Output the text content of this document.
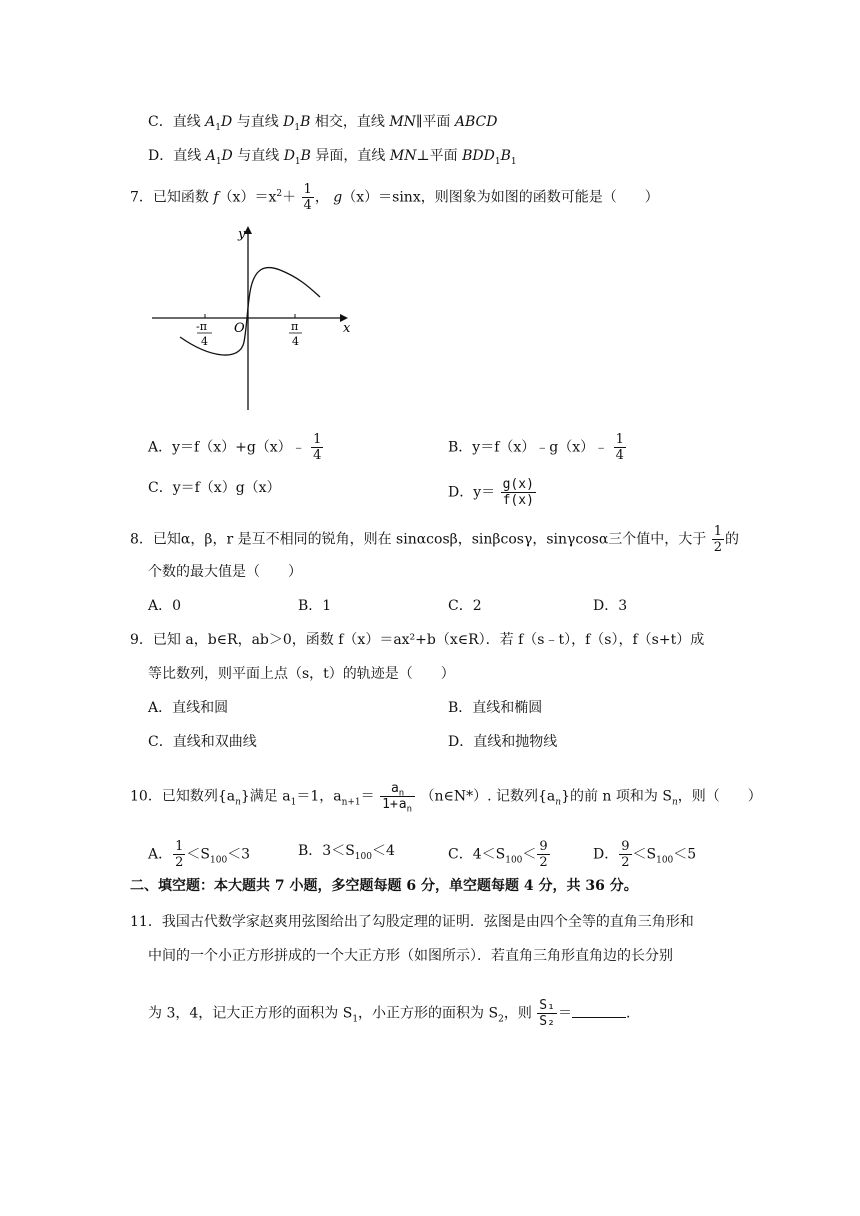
C．直线 $A_1D$ 与直线 $D_1B$ 相交，直线 MN∥平面 ABCD
D．直线 $A_1D$ 与直线 $D_1B$ 异面，直线 MN⊥平面 $BDD_1B_1$
7．已知函数 $f(x)=x^2+ \frac{1}{4}$ ， g（x）＝sinx，则图象为如图的函数可能是（　　）
y
x
O
-π
4
π
4
A．y＝f（x）+g（x）﹣ $\frac{1}{4}$	B．y＝f（x）﹣g（x）﹣ $\frac{1}{4}$
C．y＝f（x）g（x）	D．$y= \frac{g(x)}{f(x)}$
8．已知α，β，r 是互不相同的锐角，则在 sinαcosβ，sinβcosγ，sinγcosα三个值中，大于 $\frac{1}{2}$ 的
个数的最大值是（　　）
A．0	B．1	C．2	D．3
9．已知 a，b∈R，ab＞0，函数 f（x）＝ax²+b（x∈R）．若 f（s﹣t），f（s），f（s+t）成
等比数列，则平面上点（s，t）的轨迹是（　　）
A．直线和圆	B．直线和椭圆
C．直线和双曲线	D．直线和抛物线
10．已知数列$\{a_n\}$满足 $a_1=1$，$a_{n+1}= \frac{a_n}{1+a_n}$ （n∈N*）. 记数列$\{a_n\}$的前 n 项和为 $S_n$，则（　　）
A． $\frac{1}{2} <S_{100}<3$	B．$3<S_{100}<4$	C．$4<S_{100}< \frac{9}{2}$	D． $\frac{9}{2} <S_{100}<5$
二、填空题：本大题共 7 小题，多空题每题 6 分，单空题每题 4 分，共 36 分。
11．我国古代数学家赵爽用弦图给出了勾股定理的证明．弦图是由四个全等的直角三角形和
中间的一个小正方形拼成的一个大正方形（如图所示）．若直角三角形直角边的长分别
为 3，4，记大正方形的面积为 $S_1$，小正方形的面积为 $S_2$，则 $\frac{\text{S₁}}{\text{S₂}}$ ＝	.
